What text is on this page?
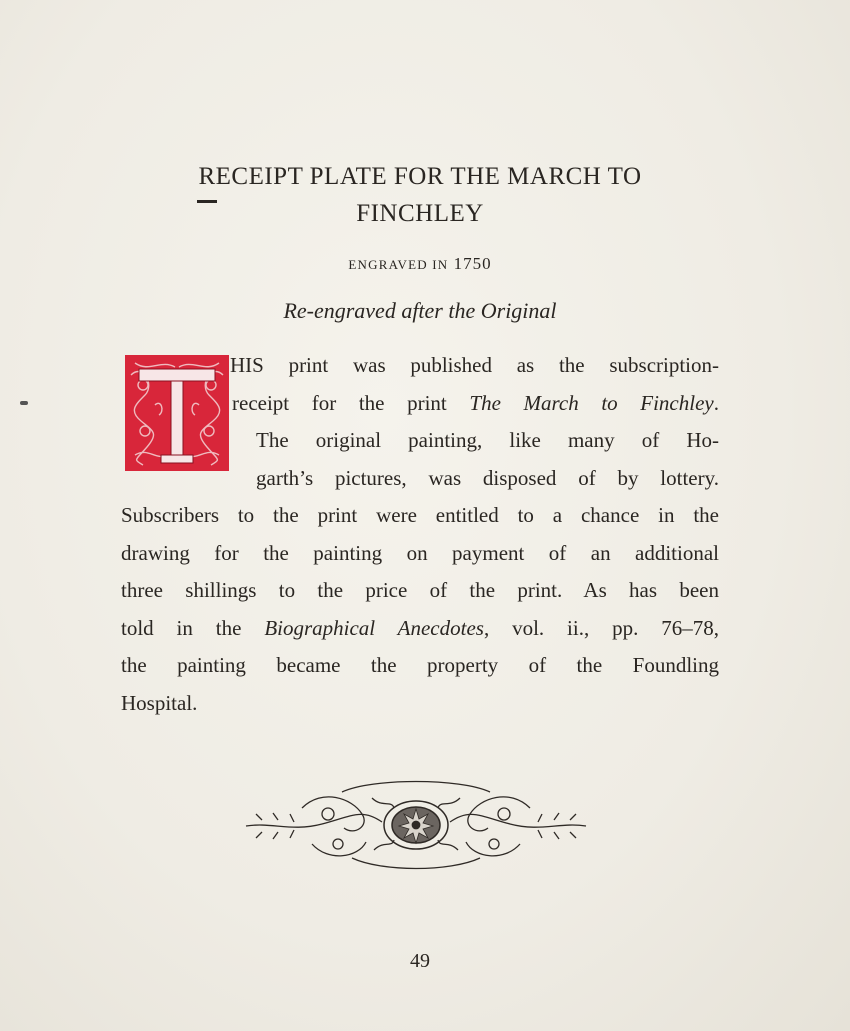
RECEIPT PLATE FOR THE MARCH TO
FINCHLEY
ENGRAVED IN 1750
Re-engraved after the Original
HIS print was published as the subscription-
receipt for the print The March to Finchley.
The original painting, like many of Ho-
garth’s pictures, was disposed of by lottery.
Subscribers to the print were entitled to a chance in the
drawing for the painting on payment of an additional
three shillings to the price of the print. As has been
told in the Biographical Anecdotes, vol. ii., pp. 76–78,
the painting became the property of the Foundling
Hospital.
49
